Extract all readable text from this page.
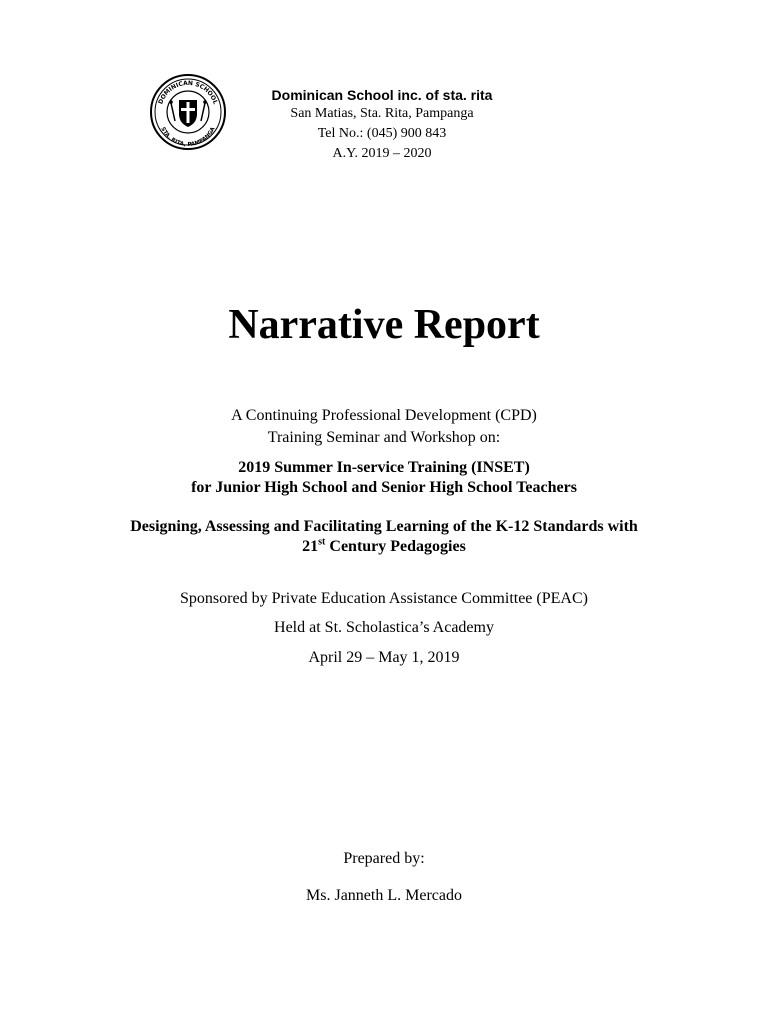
DOMINICAN SCHOOL
STA. RITA, PAMPANGA

Dominican School inc. of sta. rita

San Matias, Sta. Rita, Pampanga

Tel No.: (045) 900 843

A.Y. 2019 – 2020

Narrative Report

A Continuing Professional Development (CPD)

Training Seminar and Workshop on:

2019 Summer In-service Training (INSET)

for Junior High School and Senior High School Teachers

Designing, Assessing and Facilitating Learning of the K-12 Standards with

21st Century Pedagogies

Sponsored by Private Education Assistance Committee (PEAC)

Held at St. Scholastica’s Academy

April 29 – May 1, 2019

Prepared by:

Ms. Janneth L. Mercado
